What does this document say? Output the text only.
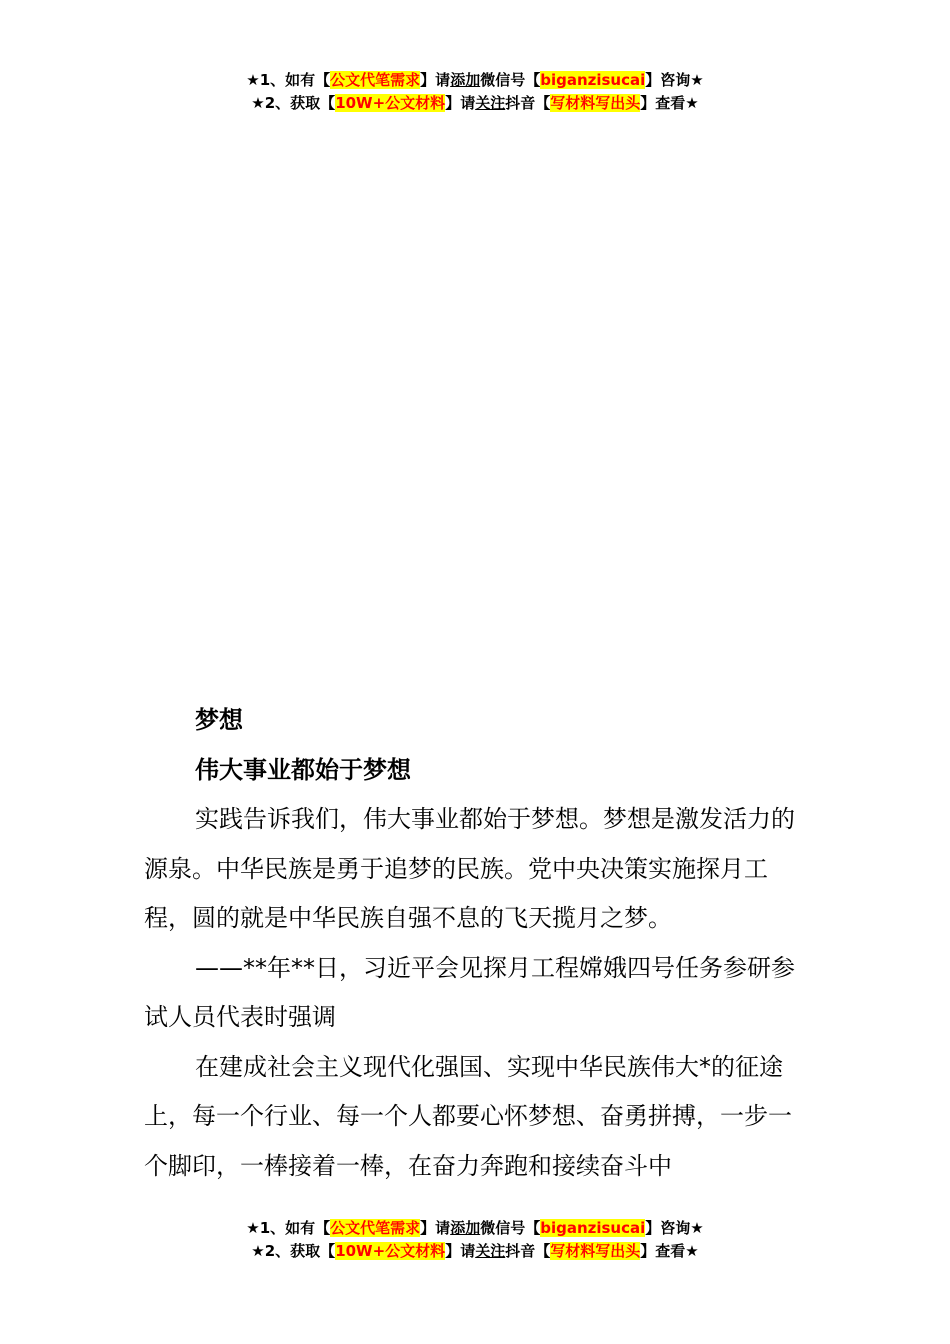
★1、如有【公文代笔需求】请添加微信号【biganzisucai】咨询★
★2、获取【10W+公文材料】请关注抖音【写材料写出头】查看★

梦想

伟大事业都始于梦想

实践告诉我们，伟大事业都始于梦想。梦想是激发活力的源泉。中华民族是勇于追梦的民族。党中央决策实施探月工程，圆的就是中华民族自强不息的飞天揽月之梦。

——**年**日，习近平会见探月工程嫦娥四号任务参研参试人员代表时强调

在建成社会主义现代化强国、实现中华民族伟大*的征途上，每一个行业、每一个人都要心怀梦想、奋勇拼搏，一步一个脚印，一棒接着一棒，在奋力奔跑和接续奋斗中

★1、如有【公文代笔需求】请添加微信号【biganzisucai】咨询★
★2、获取【10W+公文材料】请关注抖音【写材料写出头】查看★
